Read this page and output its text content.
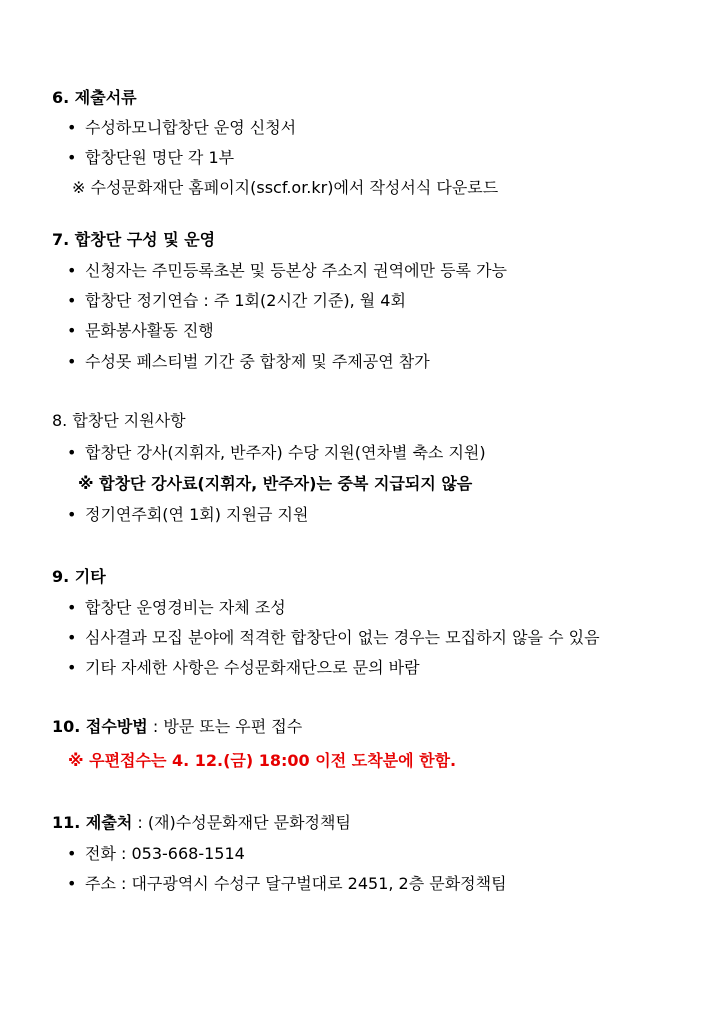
6. 제출서류
• 수성하모니합창단 운영 신청서
• 합창단원 명단 각 1부
※ 수성문화재단 홈페이지(sscf.or.kr)에서 작성서식 다운로드
7. 합창단 구성 및 운영
• 신청자는 주민등록초본 및 등본상 주소지 권역에만 등록 가능
• 합창단 정기연습 : 주 1회(2시간 기준), 월 4회
• 문화봉사활동 진행
• 수성못 페스티벌 기간 중 합창제 및 주제공연 참가
8. 합창단 지원사항
• 합창단 강사(지휘자, 반주자) 수당 지원(연차별 축소 지원)
※ 합창단 강사료(지휘자, 반주자)는 중복 지급되지 않음
• 정기연주회(연 1회) 지원금 지원
9. 기타
• 합창단 운영경비는 자체 조성
• 심사결과 모집 분야에 적격한 합창단이 없는 경우는 모집하지 않을 수 있음
• 기타 자세한 사항은 수성문화재단으로 문의 바람
10. 접수방법 : 방문 또는 우편 접수
※ 우편접수는 4. 12.(금) 18:00 이전 도착분에 한함.
11. 제출처 : (재)수성문화재단 문화정책팀
• 전화 : 053-668-1514
• 주소 : 대구광역시 수성구 달구벌대로 2451, 2층 문화정책팀
